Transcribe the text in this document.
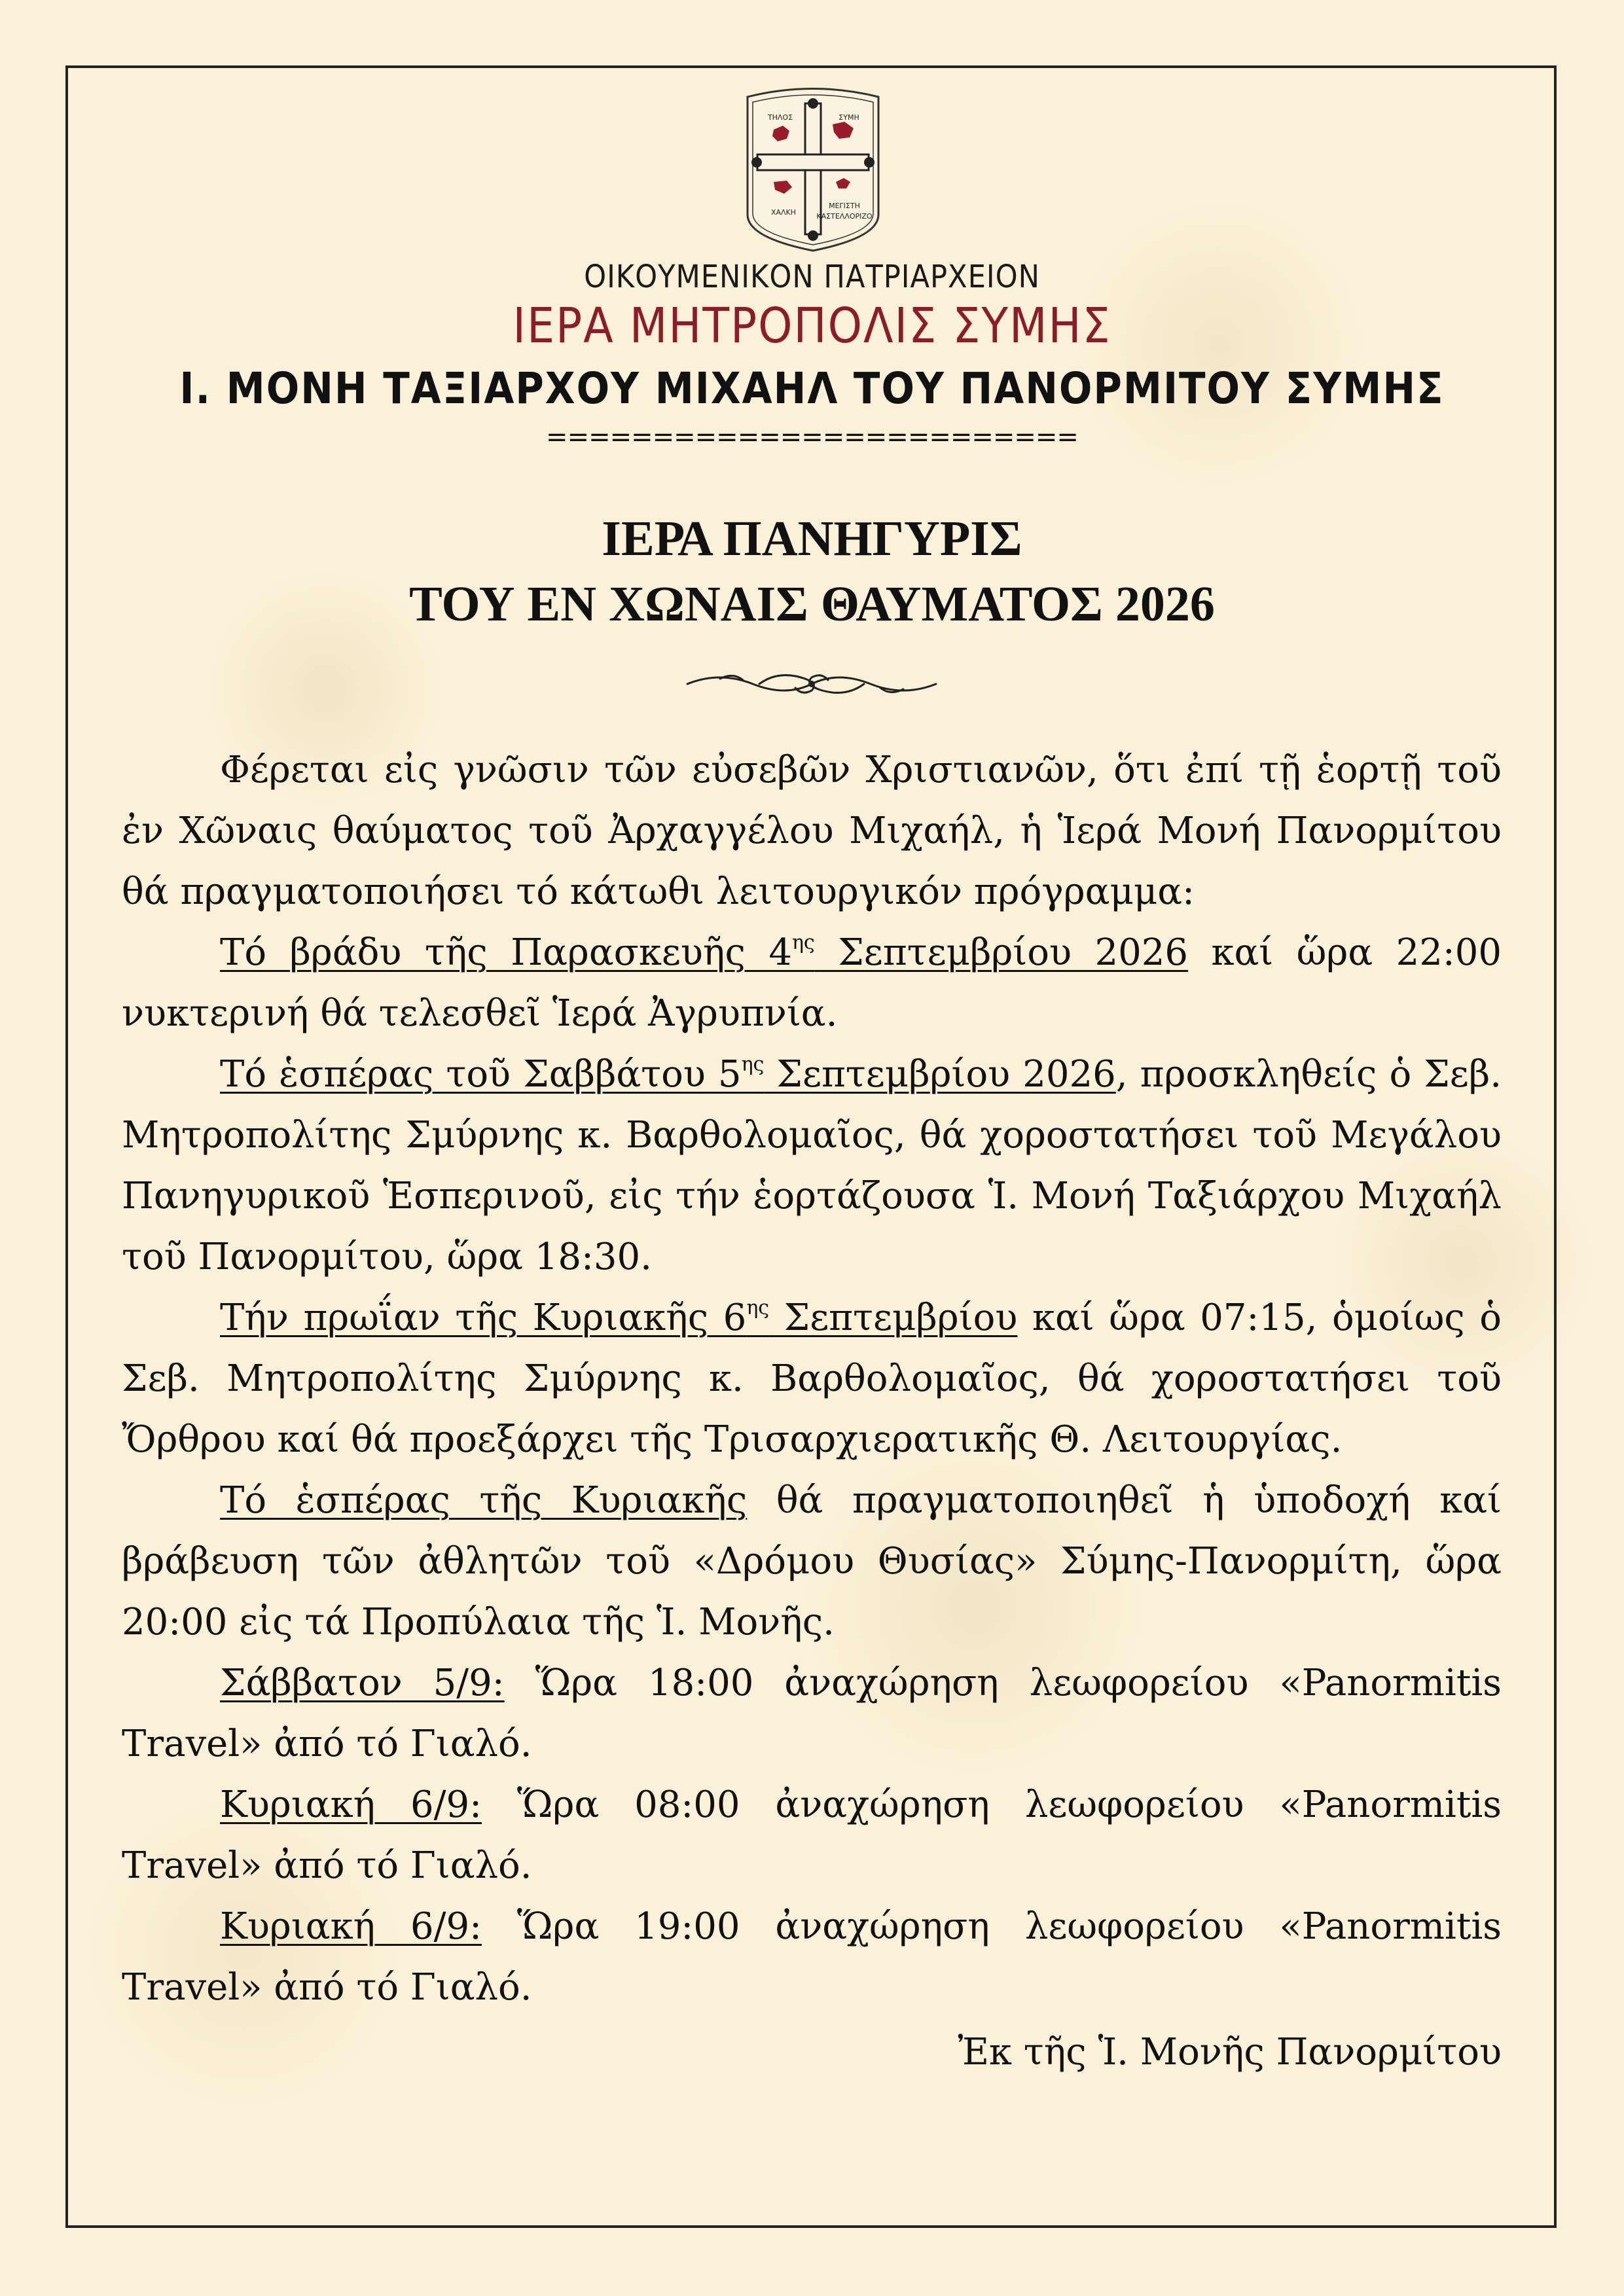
ΤΗΛΟΣ	ΣΥΜΗ
ΧΑΛΚΗ
ΜΕΓΙΣΤΗ
ΚΑΣΤΕΛΛΟΡΙΖΟ
ΟΙΚΟΥΜΕΝΙΚΟΝ ΠΑΤΡΙΑΡΧΕΙΟΝ
ΙΕΡΑ ΜΗΤΡΟΠΟΛΙΣ ΣΥΜΗΣ
Ι. ΜΟΝΗ ΤΑΞΙΑΡΧΟΥ ΜΙΧΑΗΛ ΤΟΥ ΠΑΝΟΡΜΙΤΟΥ ΣΥΜΗΣ
=========================
ΙΕΡΑ ΠΑΝΗΓΥΡΙΣ
ΤΟΥ ΕΝ ΧΩΝΑΙΣ ΘΑΥΜΑΤΟΣ 2026

Φέρεται εἰς γνῶσιν τῶν εὐσεβῶν Χριστιανῶν, ὅτι ἐπί τῇ ἑορτῇ τοῦ ἐν Χῶναις θαύματος τοῦ Ἀρχαγγέλου Μιχαήλ, ἡ Ἱερά Μονή Πανορμίτου θά πραγματοποιήσει τό κάτωθι λειτουργικόν πρόγραμμα:

Τό βράδυ τῆς Παρασκευῆς $4^{\eta\varsigma}$ Σεπτεμβρίου 2026 καί ὥρα 22:00 νυκτερινή θά τελεσθεῖ Ἱερά Ἀγρυπνία.

Τό ἑσπέρας τοῦ Σαββάτου $5^{\eta\varsigma}$ Σεπτεμβρίου 2026, προσκληθείς ὁ Σεβ. Μητροπολίτης Σμύρνης κ. Βαρθολομαῖος, θά χοροστατήσει τοῦ Μεγάλου Πανηγυρικοῦ Ἑσπερινοῦ, εἰς τήν ἑορτάζουσα Ἱ. Μονή Ταξιάρχου Μιχαήλ τοῦ Πανορμίτου, ὥρα 18:30.

Τήν πρωΐαν τῆς Κυριακῆς $6^{\eta\varsigma}$ Σεπτεμβρίου καί ὥρα 07:15, ὁμοίως ὁ Σεβ. Μητροπολίτης Σμύρνης κ. Βαρθολομαῖος, θά χοροστατήσει τοῦ Ὄρθρου καί θά προεξάρχει τῆς Τρισαρχιερατικῆς Θ. Λειτουργίας.

Τό ἑσπέρας τῆς Κυριακῆς θά πραγματοποιηθεῖ ἡ ὑποδοχή καί βράβευση τῶν ἀθλητῶν τοῦ «Δρόμου Θυσίας» Σύμης-Πανορμίτη, ὥρα 20:00 εἰς τά Προπύλαια τῆς Ἱ. Μονῆς.

Σάββατον 5/9: Ὥρα 18:00 ἀναχώρηση λεωφορείου «Panormitis Travel» ἀπό τό Γιαλό.

Κυριακή 6/9: Ὥρα 08:00 ἀναχώρηση λεωφορείου «Panormitis Travel» ἀπό τό Γιαλό.

Κυριακή 6/9: Ὥρα 19:00 ἀναχώρηση λεωφορείου «Panormitis Travel» ἀπό τό Γιαλό.

Ἐκ τῆς Ἱ. Μονῆς Πανορμίτου
